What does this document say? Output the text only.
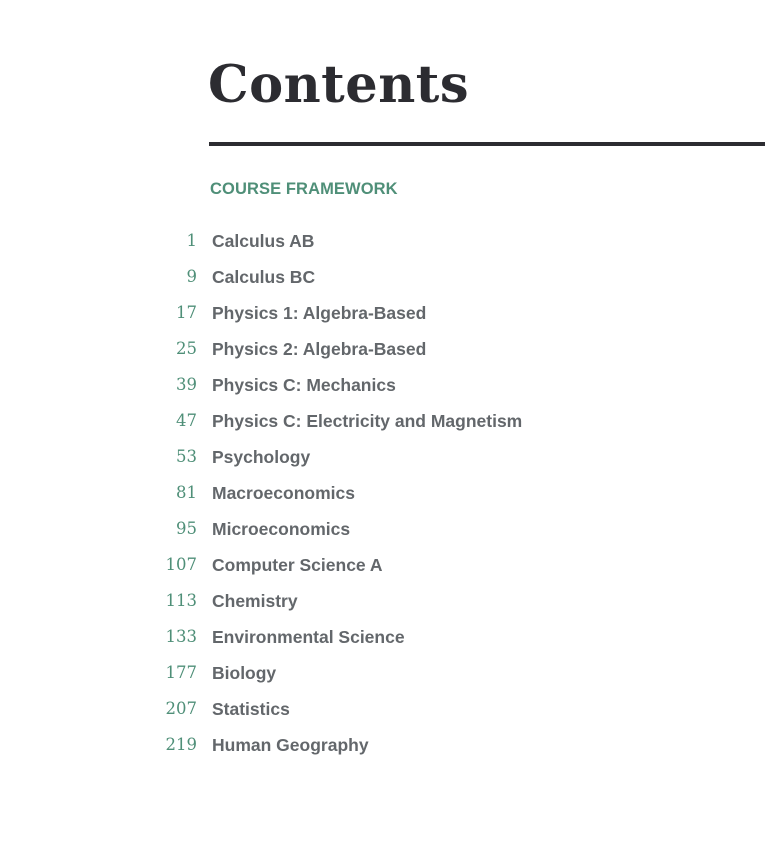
Contents
COURSE FRAMEWORK
1 Calculus AB
9 Calculus BC
17 Physics 1: Algebra-Based
25 Physics 2: Algebra-Based
39 Physics C: Mechanics
47 Physics C: Electricity and Magnetism
53 Psychology
81 Macroeconomics
95 Microeconomics
107 Computer Science A
113 Chemistry
133 Environmental Science
177 Biology
207 Statistics
219 Human Geography
